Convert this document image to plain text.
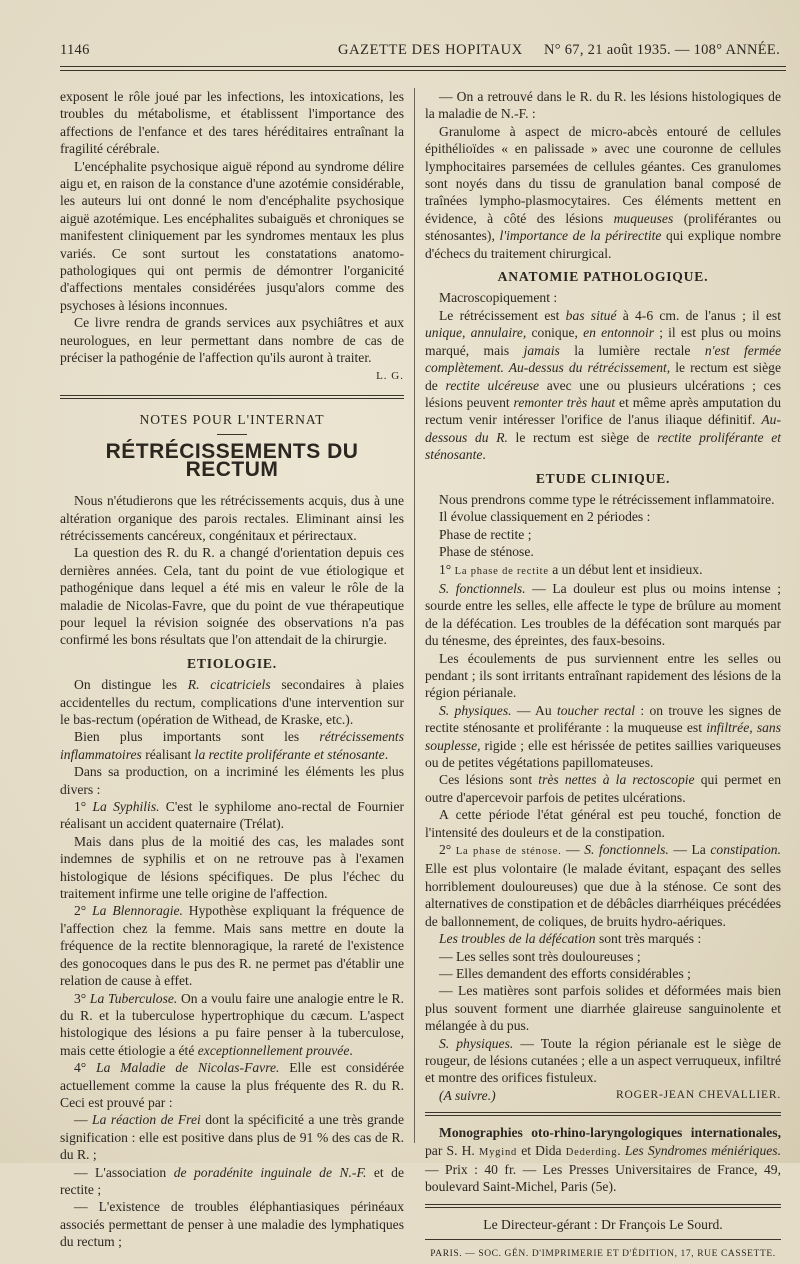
1146	GAZETTE DES HOPITAUX N° 67, 21 août 1935. — 108° ANNÉE.

exposent le rôle joué par les infections, les intoxications, les troubles du métabolisme, et établissent l'importance des affections de l'enfance et des tares héréditaires entraînant la fragilité cérébrale.

L'encéphalite psychosique aiguë répond au syndrome délire aigu et, en raison de la constance d'une azotémie considérable, les auteurs lui ont donné le nom d'encéphalite psychosique aiguë azotémique. Les encéphalites subaiguës et chroniques se manifestent cliniquement par les syndromes mentaux les plus variés. Ce sont surtout les constatations anatomo-pathologiques qui ont permis de démontrer l'organicité d'affections mentales considérées jusqu'alors comme des psychoses à lésions inconnues.

Ce livre rendra de grands services aux psychiâtres et aux neurologues, en leur permettant dans nombre de cas de préciser la pathogénie de l'affection qu'ils auront à traiter.

L. G.
NOTES POUR L'INTERNAT
RÉTRÉCISSEMENTS DU RECTUM

Nous n'étudierons que les rétrécissements acquis, dus à une altération organique des parois rectales. Eliminant ainsi les rétrécissements cancéreux, congénitaux et périrectaux.

La question des R. du R. a changé d'orientation depuis ces dernières années. Cela, tant du point de vue étiologique et pathogénique dans lequel a été mis en valeur le rôle de la maladie de Nicolas-Favre, que du point de vue thérapeutique pour lequel la révision soignée des observations n'a pas confirmé les bons résultats que l'on attendait de la chirurgie.

ETIOLOGIE.

On distingue les R. cicatriciels secondaires à plaies accidentelles du rectum, complications d'une intervention sur le bas-rectum (opération de Withead, de Kraske, etc.).

Bien plus importants sont les rétrécissements inflammatoires réalisant la rectite proliférante et sténosante.

Dans sa production, on a incriminé les éléments les plus divers :

1° La Syphilis. C'est le syphilome ano-rectal de Fournier réalisant un accident quaternaire (Trélat).

Mais dans plus de la moitié des cas, les malades sont indemnes de syphilis et on ne retrouve pas à l'examen histologique de lésions spécifiques. De plus l'échec du traitement infirme une telle origine de l'affection.

2° La Blennoragie. Hypothèse expliquant la fréquence de l'affection chez la femme. Mais sans mettre en doute la fréquence de la rectite blennoragique, la rareté de l'existence des gonocoques dans le pus des R. ne permet pas d'établir une relation de cause à effet.

3° La Tuberculose. On a voulu faire une analogie entre le R. du R. et la tuberculose hypertrophique du cæcum. L'aspect histologique des lésions a pu faire penser à la tuberculose, mais cette étiologie a été exceptionnellement prouvée.

4° La Maladie de Nicolas-Favre. Elle est considérée actuellement comme la cause la plus fréquente des R. du R. Ceci est prouvé par :

— La réaction de Frei dont la spécificité a une très grande signification : elle est positive dans plus de 91 % des cas de R. du R. ;

— L'association de poradénite inguinale de N.-F. et de rectite ;

— L'existence de troubles éléphantiasiques périnéaux associés permettant de penser à une maladie des lymphatiques du rectum ;

— On a retrouvé dans le R. du R. les lésions histologiques de la maladie de N.-F. :

Granulome à aspect de micro-abcès entouré de cellules épithélioïdes « en palissade » avec une couronne de cellules lymphocitaires parsemées de cellules géantes. Ces granulomes sont noyés dans du tissu de granulation banal composé de traînées lympho-plasmocytaires. Ces éléments mettent en évidence, à côté des lésions muqueuses (proliférantes ou sténosantes), l'importance de la périrectite qui explique nombre d'échecs du traitement chirurgical.

ANATOMIE PATHOLOGIQUE.

Macroscopiquement :

Le rétrécissement est bas situé à 4-6 cm. de l'anus ; il est unique, annulaire, conique, en entonnoir ; il est plus ou moins marqué, mais jamais la lumière rectale n'est fermée complètement. Au-dessus du rétrécissement, le rectum est siège de rectite ulcéreuse avec une ou plusieurs ulcérations ; ces lésions peuvent remonter très haut et même après amputation du rectum venir intéresser l'orifice de l'anus iliaque définitif. Au-dessous du R. le rectum est siège de rectite proliférante et sténosante.

ETUDE CLINIQUE.

Nous prendrons comme type le rétrécissement inflammatoire.

Il évolue classiquement en 2 périodes :

Phase de rectite ;

Phase de sténose.

1° La phase de rectite a un début lent et insidieux.

S. fonctionnels. — La douleur est plus ou moins intense ; sourde entre les selles, elle affecte le type de brûlure au moment de la défécation. Les troubles de la défécation sont marqués par du ténesme, des épreintes, des faux-besoins.

Les écoulements de pus surviennent entre les selles ou pendant ; ils sont irritants entraînant rapidement des lésions de la région périanale.

S. physiques. — Au toucher rectal : on trouve les signes de rectite sténosante et proliférante : la muqueuse est infiltrée, sans souplesse, rigide ; elle est hérissée de petites saillies variqueuses ou de petites végétations papillomateuses.

Ces lésions sont très nettes à la rectoscopie qui permet en outre d'apercevoir parfois de petites ulcérations.

A cette période l'état général est peu touché, fonction de l'intensité des douleurs et de la constipation.

2° La phase de sténose. — S. fonctionnels. — La constipation. Elle est plus volontaire (le malade évitant, espaçant des selles horriblement douloureuses) que due à la sténose. Ce sont des alternatives de constipation et de débâcles diarrhéiques précédées de ballonnement, de coliques, de bruits hydro-aériques.

Les troubles de la défécation sont très marqués :

— Les selles sont très douloureuses ;

— Elles demandent des efforts considérables ;

— Les matières sont parfois solides et déformées mais bien plus souvent forment une diarrhée glaireuse sanguinolente et mélangée à du pus.

S. physiques. — Toute la région périanale est le siège de rougeur, de lésions cutanées ; elle a un aspect verruqueux, infiltré et montre des orifices fistuleux.

(A suivre.)	ROGER-JEAN CHEVALLIER.

Monographies oto-rhino-laryngologiques internationales, par S. H. Mygind et Dida Dederding. Les Syndromes méniériques. — Prix : 40 fr. — Les Presses Universitaires de France, 49, boulevard Saint-Michel, Paris (5e).

Le Directeur-gérant : Dr François Le Sourd.
PARIS. — SOC. GÉN. D'IMPRIMERIE ET D'ÉDITION, 17, RUE CASSETTE.
